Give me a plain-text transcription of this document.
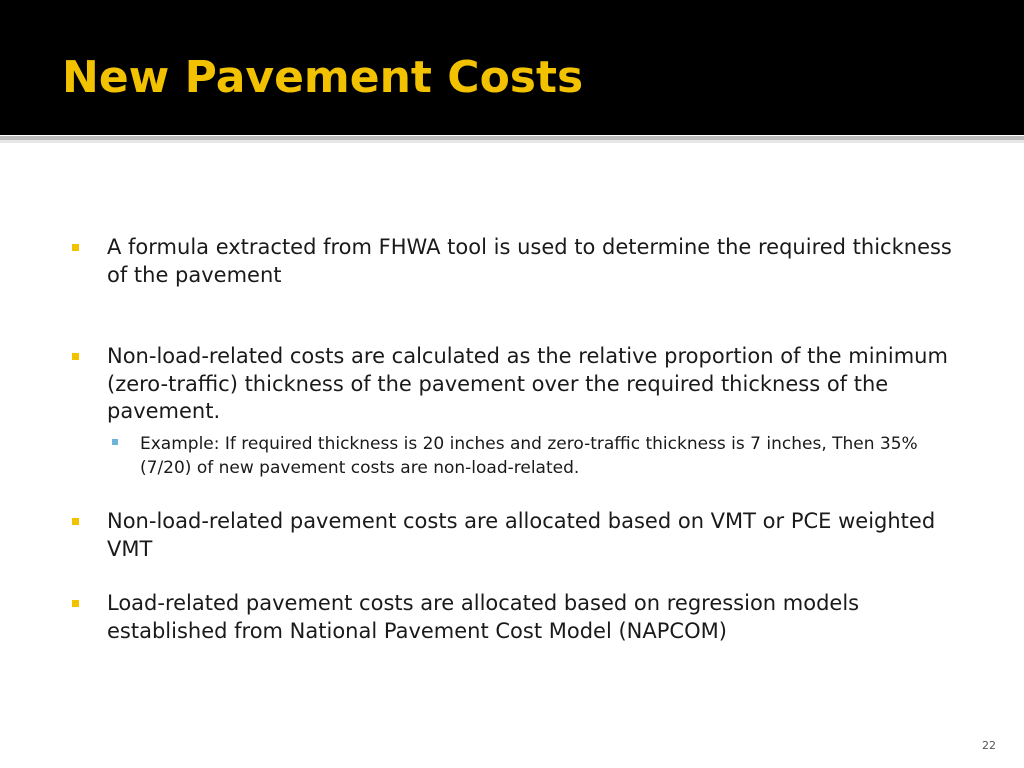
New Pavement Costs

A formula extracted from FHWA tool is used to determine the required thickness of the pavement

Non-load-related costs are calculated as the relative proportion of the minimum (zero-traffic) thickness of the pavement over the required thickness of the pavement.

Example: If required thickness is 20 inches and zero-traffic thickness is 7 inches, Then 35% (7/20) of new pavement costs are non-load-related.

Non-load-related pavement costs are allocated based on VMT or PCE weighted VMT

Load-related pavement costs are allocated based on regression models established from National Pavement Cost Model (NAPCOM)

22
